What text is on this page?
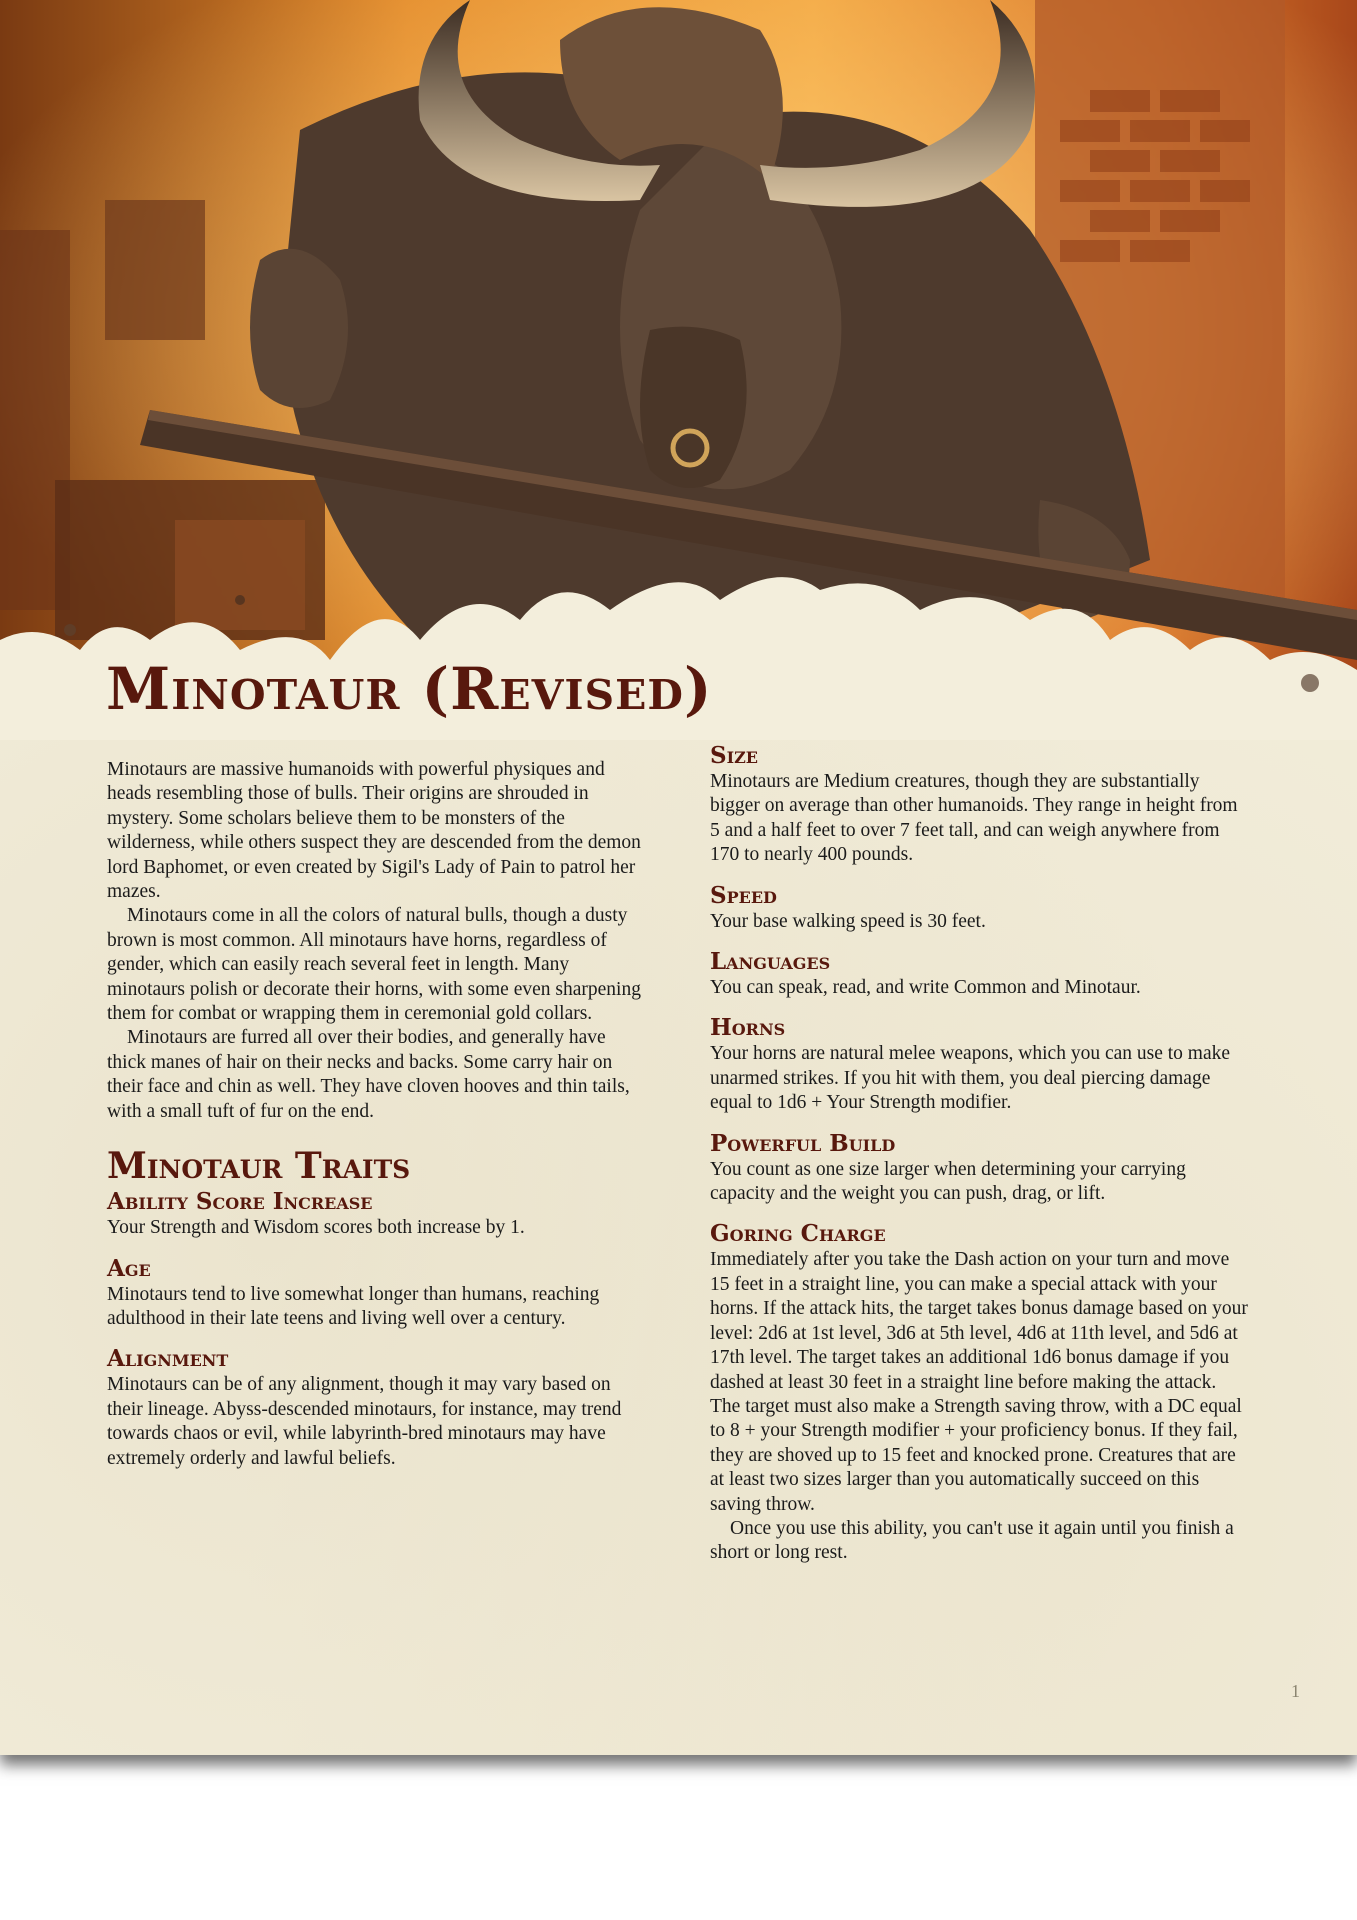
Minotaur (Revised)

Minotaurs are massive humanoids with powerful physiques and heads resembling those of bulls. Their origins are shrouded in mystery. Some scholars believe them to be monsters of the wilderness, while others suspect they are descended from the demon lord Baphomet, or even created by Sigil's Lady of Pain to patrol her mazes.

Minotaurs come in all the colors of natural bulls, though a dusty brown is most common. All minotaurs have horns, regardless of gender, which can easily reach several feet in length. Many minotaurs polish or decorate their horns, with some even sharpening them for combat or wrapping them in ceremonial gold collars.

Minotaurs are furred all over their bodies, and generally have thick manes of hair on their necks and backs. Some carry hair on their face and chin as well. They have cloven hooves and thin tails, with a small tuft of fur on the end.

Minotaur Traits
Ability Score Increase

Your Strength and Wisdom scores both increase by 1.

Age

Minotaurs tend to live somewhat longer than humans, reaching adulthood in their late teens and living well over a century.

Alignment

Minotaurs can be of any alignment, though it may vary based on their lineage. Abyss-descended minotaurs, for instance, may trend towards chaos or evil, while labyrinth-bred minotaurs may have extremely orderly and lawful beliefs.

Size

Minotaurs are Medium creatures, though they are substantially bigger on average than other humanoids. They range in height from 5 and a half feet to over 7 feet tall, and can weigh anywhere from 170 to nearly 400 pounds.

Speed

Your base walking speed is 30 feet.

Languages

You can speak, read, and write Common and Minotaur.

Horns

Your horns are natural melee weapons, which you can use to make unarmed strikes. If you hit with them, you deal piercing damage equal to 1d6 + Your Strength modifier.

Powerful Build

You count as one size larger when determining your carrying capacity and the weight you can push, drag, or lift.

Goring Charge

Immediately after you take the Dash action on your turn and move 15 feet in a straight line, you can make a special attack with your horns. If the attack hits, the target takes bonus damage based on your level: 2d6 at 1st level, 3d6 at 5th level, 4d6 at 11th level, and 5d6 at 17th level. The target takes an additional 1d6 bonus damage if you dashed at least 30 feet in a straight line before making the attack. The target must also make a Strength saving throw, with a DC equal to 8 + your Strength modifier + your proficiency bonus. If they fail, they are shoved up to 15 feet and knocked prone. Creatures that are at least two sizes larger than you automatically succeed on this saving throw.

Once you use this ability, you can't use it again until you finish a short or long rest.

1
